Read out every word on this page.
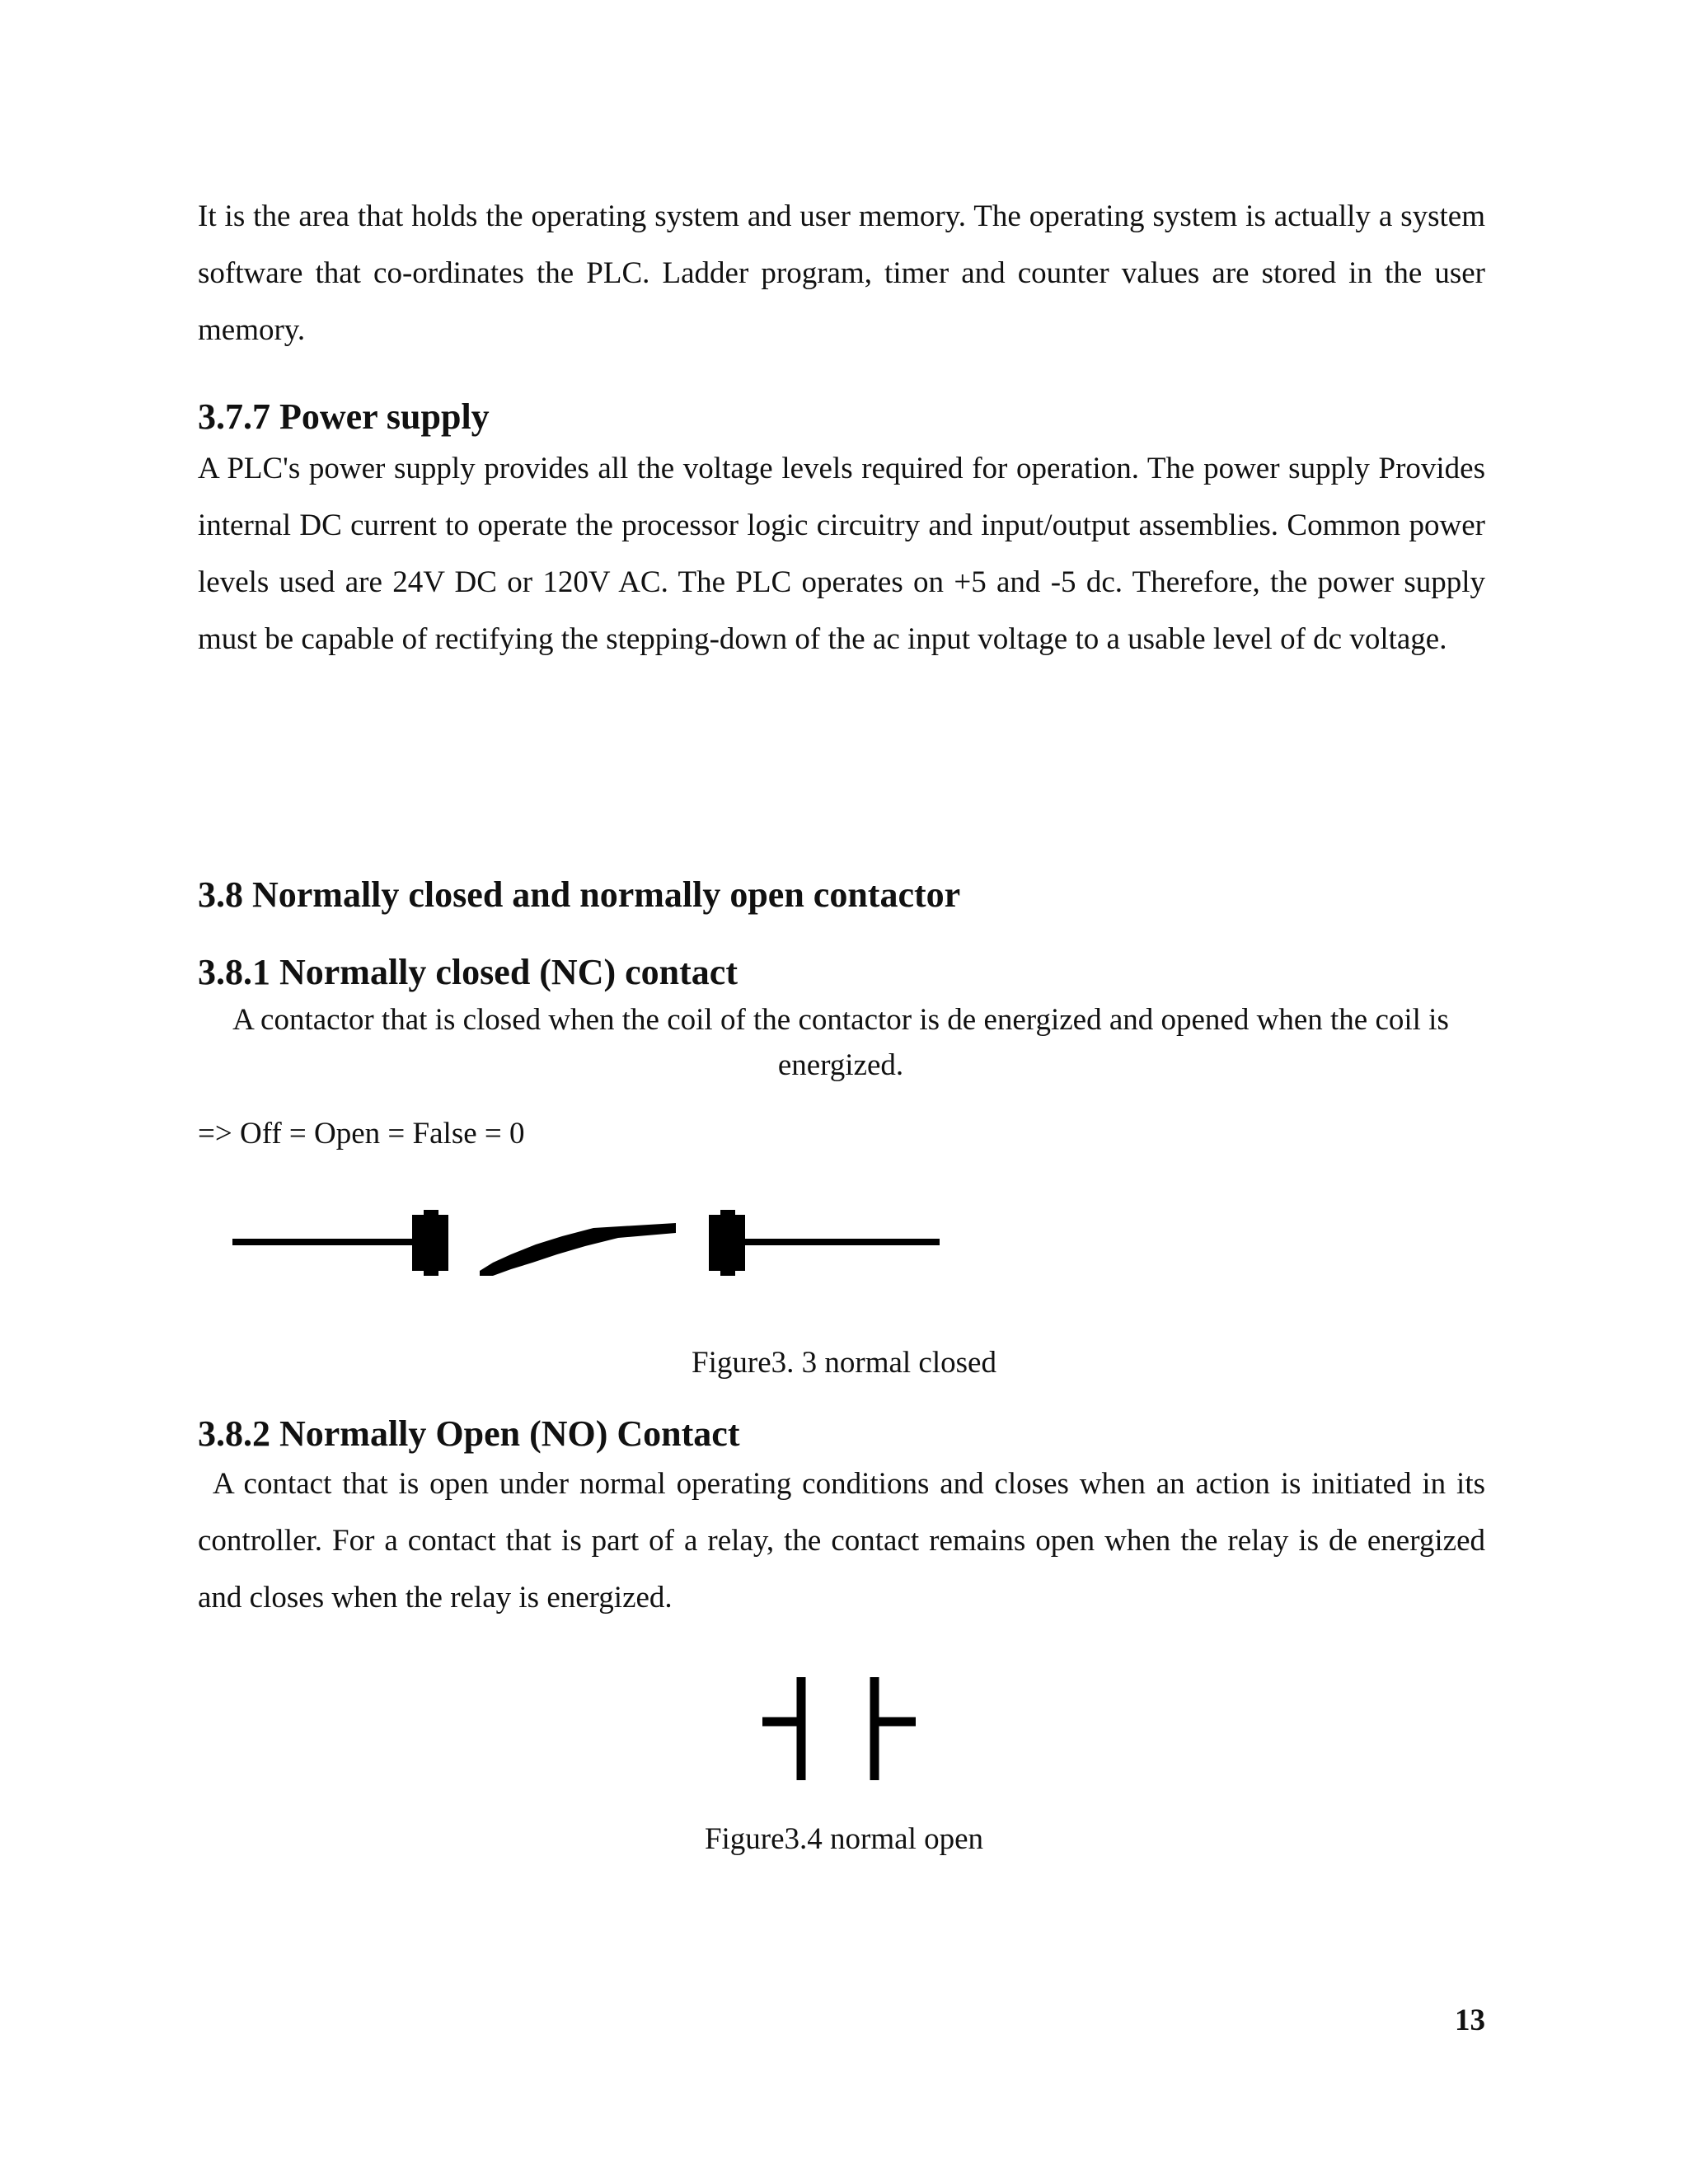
It is the area that holds the operating system and user memory. The operating system is actually a system software that co-ordinates the PLC. Ladder program, timer and counter values are stored in the user memory.

3.7.7 Power supply

A PLC's power supply provides all the voltage levels required for operation. The power supply Provides internal DC current to operate the processor logic circuitry and input/output assemblies. Common power levels used are 24V DC or 120V AC. The PLC operates on +5 and -5 dc. Therefore, the power supply must be capable of rectifying the stepping-down of the ac input voltage to a usable level of dc voltage.

3.8 Normally closed and normally open contactor
3.8.1 Normally closed (NC) contact

A contactor that is closed when the coil of the contactor is de energized and opened when the coil is energized.

=> Off = Open = False = 0
Figure3. 3 normal closed
3.8.2 Normally Open (NO) Contact

A contact that is open under normal operating conditions and closes when an action is initiated in its controller. For a contact that is part of a relay, the contact remains open when the relay is de energized and closes when the relay is energized.

Figure3.4 normal open
13
